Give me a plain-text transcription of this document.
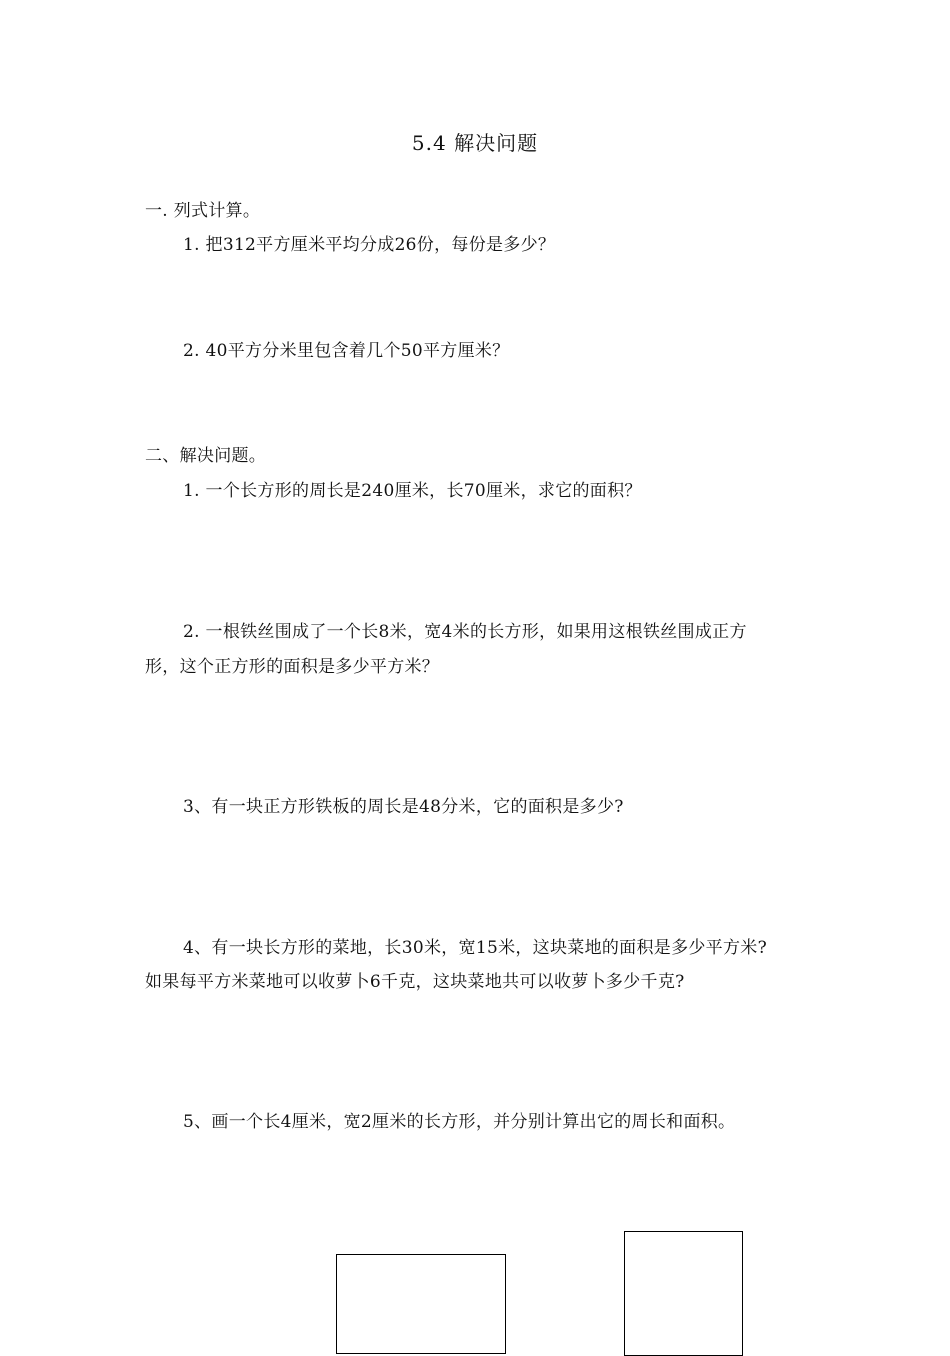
5.4 解决问题
一. 列式计算。
1. 把312平方厘米平均分成26份，每份是多少？
2. 40平方分米里包含着几个50平方厘米？
二、解决问题。
1. 一个长方形的周长是240厘米，长70厘米，求它的面积？
2. 一根铁丝围成了一个长8米，宽4米的长方形，如果用这根铁丝围成正方
形，这个正方形的面积是多少平方米？
3、有一块正方形铁板的周长是48分米，它的面积是多少?
4、有一块长方形的菜地，长30米，宽15米，这块菜地的面积是多少平方米?
如果每平方米菜地可以收萝卜6千克，这块菜地共可以收萝卜多少千克?
5、画一个长4厘米，宽2厘米的长方形，并分别计算出它的周长和面积。
